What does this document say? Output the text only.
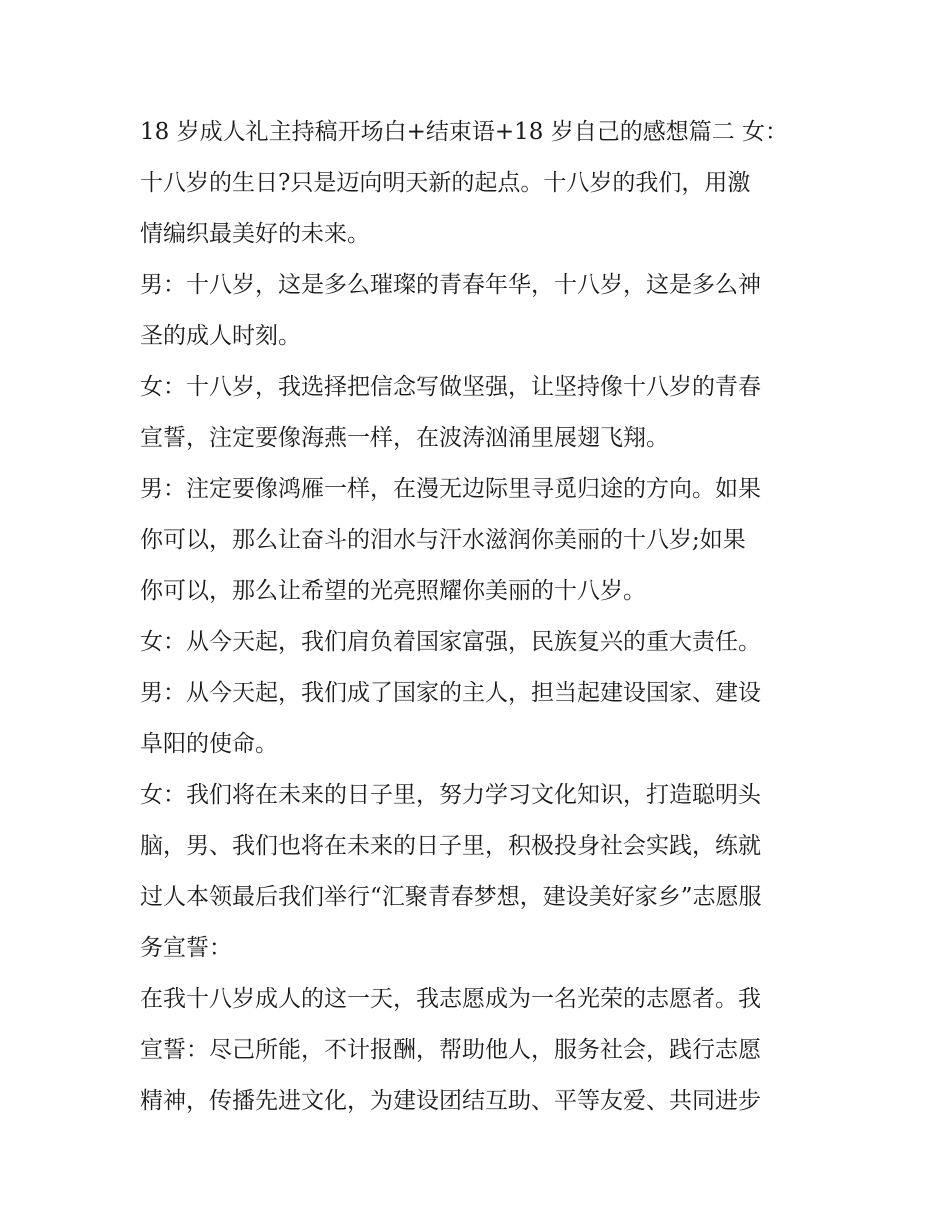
18 岁成人礼主持稿开场白+结束语+18 岁自己的感想篇二 女：
十八岁的生日?只是迈向明天新的起点。十八岁的我们，用激
情编织最美好的未来。
男：十八岁，这是多么璀璨的青春年华，十八岁，这是多么神
圣的成人时刻。
女：十八岁，我选择把信念写做坚强，让坚持像十八岁的青春
宣誓，注定要像海燕一样，在波涛汹涌里展翅飞翔。
男：注定要像鸿雁一样，在漫无边际里寻觅归途的方向。如果
你可以，那么让奋斗的泪水与汗水滋润你美丽的十八岁;如果
你可以，那么让希望的光亮照耀你美丽的十八岁。
女：从今天起，我们肩负着国家富强，民族复兴的重大责任。
男：从今天起，我们成了国家的主人，担当起建设国家、建设
阜阳的使命。
女：我们将在未来的日子里，努力学习文化知识，打造聪明头
脑，男、我们也将在未来的日子里，积极投身社会实践，练就
过人本领最后我们举行“汇聚青春梦想，建设美好家乡”志愿服
务宣誓：
在我十八岁成人的这一天，我志愿成为一名光荣的志愿者。我
宣誓：尽己所能，不计报酬，帮助他人，服务社会，践行志愿
精神，传播先进文化，为建设团结互助、平等友爱、共同进步
